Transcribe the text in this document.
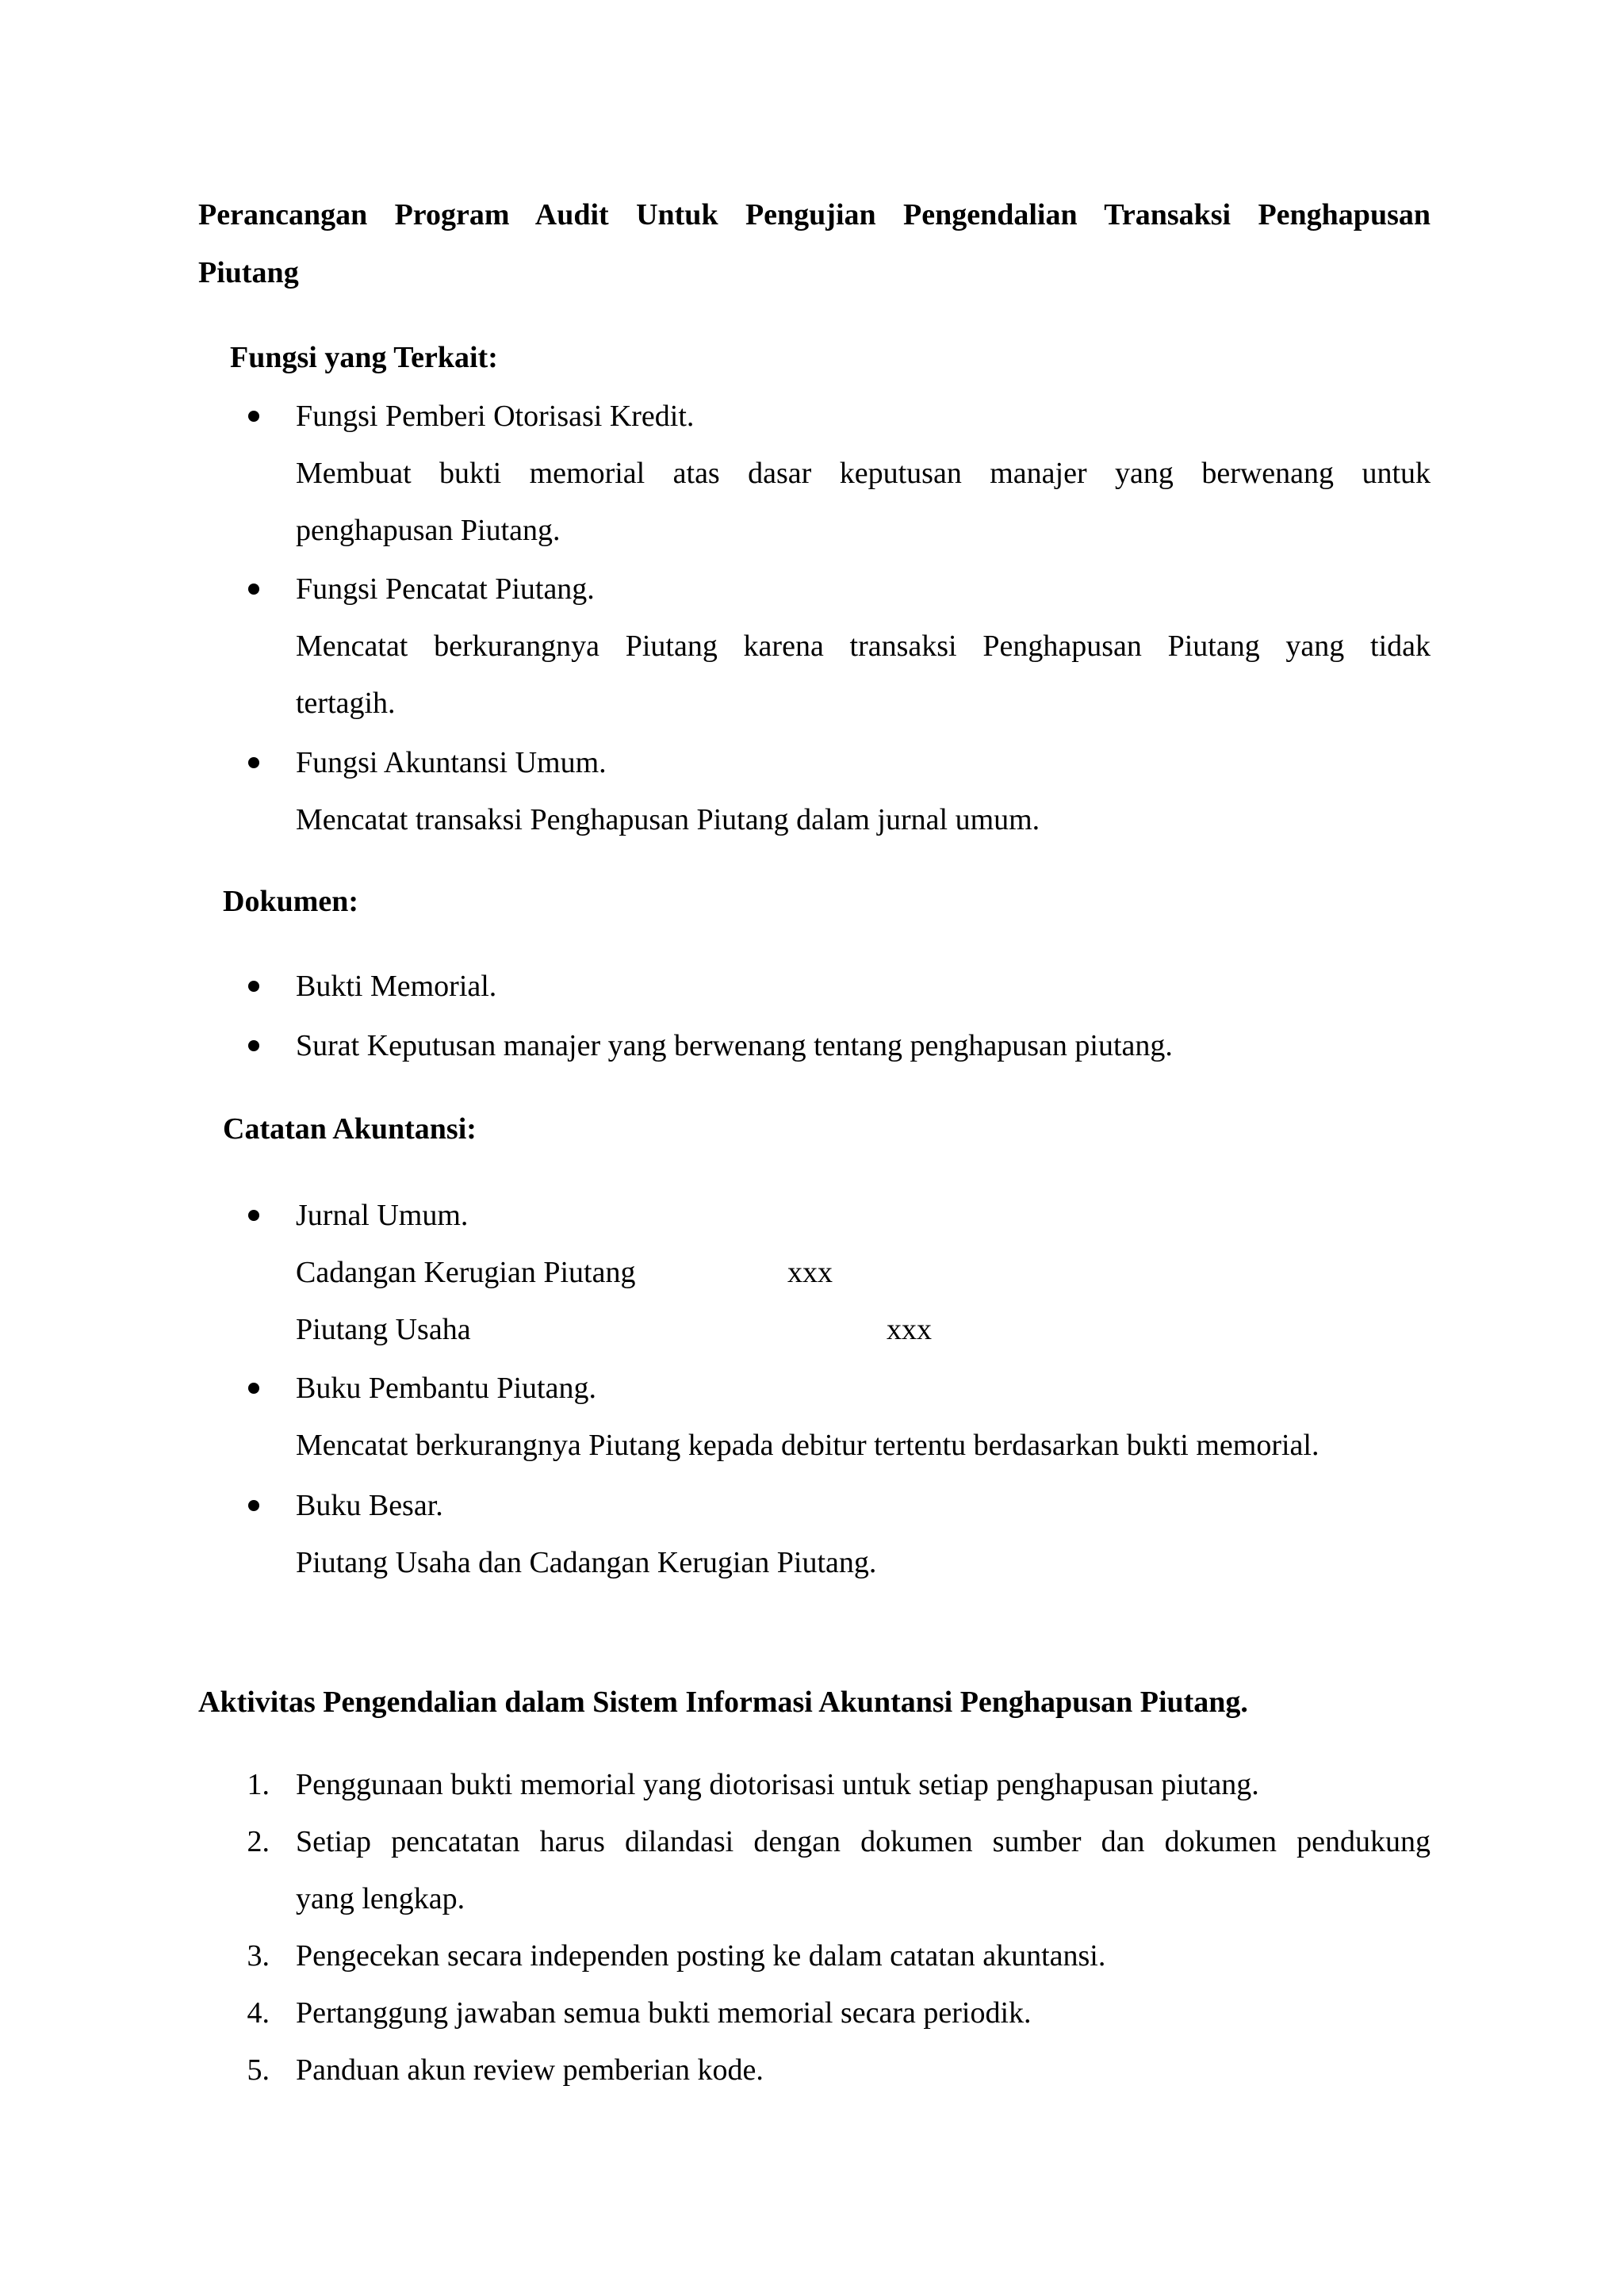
Perancangan Program Audit Untuk Pengujian Pengendalian Transaksi Penghapusan
Piutang
Fungsi yang Terkait:
Fungsi Pemberi Otorisasi Kredit.
Membuat bukti memorial atas dasar keputusan manajer yang berwenang untuk
penghapusan Piutang.
Fungsi Pencatat Piutang.
Mencatat berkurangnya Piutang karena transaksi Penghapusan Piutang yang tidak
tertagih.
Fungsi Akuntansi Umum.
Mencatat transaksi Penghapusan Piutang dalam jurnal umum.
Dokumen:
Bukti Memorial.
Surat Keputusan manajer yang berwenang tentang penghapusan piutang.
Catatan Akuntansi:
Jurnal Umum.
Cadangan Kerugian Piutang	xxx
Piutang Usaha	xxx
Buku Pembantu Piutang.
Mencatat berkurangnya Piutang kepada debitur tertentu berdasarkan bukti memorial.
Buku Besar.
Piutang Usaha dan Cadangan Kerugian Piutang.
Aktivitas Pengendalian dalam Sistem Informasi Akuntansi Penghapusan Piutang.
1. Penggunaan bukti memorial yang diotorisasi untuk setiap penghapusan piutang.
2. Setiap pencatatan harus dilandasi dengan dokumen sumber dan dokumen pendukung
yang lengkap.
3. Pengecekan secara independen posting ke dalam catatan akuntansi.
4. Pertanggung jawaban semua bukti memorial secara periodik.
5. Panduan akun review pemberian kode.
